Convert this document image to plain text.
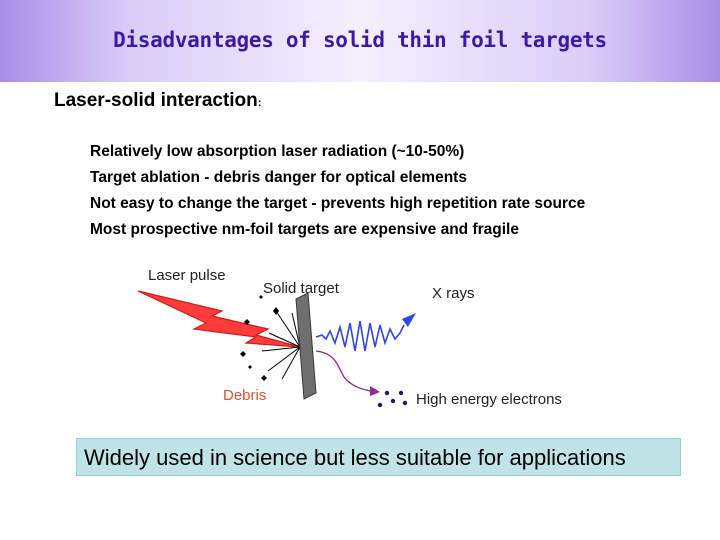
Disadvantages of solid thin foil targets
Laser-solid interaction:
Relatively low absorption laser radiation (~10-50%)
Target ablation - debris danger for optical elements
Not easy to change the target - prevents high repetition rate source
Most prospective nm-foil targets are expensive and fragile
Laser pulse
Solid target	X rays
Debris	High energy electrons
Widely used in science but less suitable for applications
